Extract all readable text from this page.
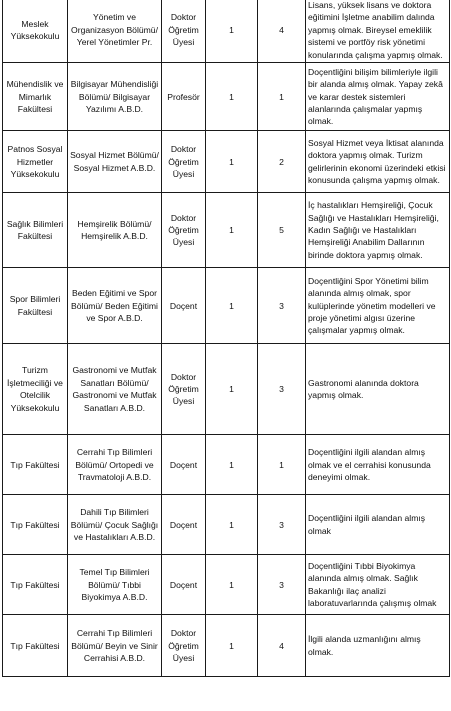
Meslek Yüksekokulu	Yönetim ve Organizasyon Bölümü/ Yerel Yönetimler Pr.	Doktor Öğretim Üyesi	1	4	Lisans, yüksek lisans ve doktora eğitimini İşletme anabilim dalında yapmış olmak. Bireysel emeklilik sistemi ve portföy risk yönetimi konularında çalışma yapmış olmak.
Mühendislik ve Mimarlık Fakültesi	Bilgisayar Mühendisliği Bölümü/ Bilgisayar Yazılımı A.B.D.	Profesör	1	1	Doçentliğini bilişim bilimleriyle ilgili bir alanda almış olmak. Yapay zekâ ve karar destek sistemleri alanlarında çalışmalar yapmış olmak.
Patnos Sosyal Hizmetler Yüksekokulu	Sosyal Hizmet Bölümü/ Sosyal Hizmet A.B.D.	Doktor Öğretim Üyesi	1	2	Sosyal Hizmet veya İktisat alanında doktora yapmış olmak. Turizm gelirlerinin ekonomi üzerindeki etkisi konusunda çalışma yapmış olmak.
Sağlık Bilimleri Fakültesi	Hemşirelik Bölümü/ Hemşirelik A.B.D.	Doktor Öğretim Üyesi	1	5	İç hastalıkları Hemşireliği, Çocuk Sağlığı ve Hastalıkları Hemşireliği, Kadın Sağlığı ve Hastalıkları Hemşireliği Anabilim Dallarının birinde doktora yapmış olmak.
Spor Bilimleri Fakültesi	Beden Eğitimi ve Spor Bölümü/ Beden Eğitimi ve Spor A.B.D.	Doçent	1	3	Doçentliğini Spor Yönetimi bilim alanında almış olmak, spor kulüplerinde yönetim modelleri ve proje yönetimi algısı üzerine çalışmalar yapmış olmak.
Turizm İşletmeciliği ve Otelcilik Yüksekokulu	Gastronomi ve Mutfak Sanatları Bölümü/ Gastronomi ve Mutfak Sanatları A.B.D.	Doktor Öğretim Üyesi	1	3	Gastronomi alanında doktora yapmış olmak.
Tıp Fakültesi	Cerrahi Tıp Bilimleri Bölümü/ Ortopedi ve Travmatoloji A.B.D.	Doçent	1	1	Doçentliğini ilgili alandan almış olmak ve el cerrahisi konusunda deneyimi olmak.
Tıp Fakültesi	Dahili Tıp Bilimleri Bölümü/ Çocuk Sağlığı ve Hastalıkları A.B.D.	Doçent	1	3	Doçentliğini ilgili alandan almış olmak
Tıp Fakültesi	Temel Tıp Bilimleri Bölümü/ Tıbbi Biyokimya A.B.D.	Doçent	1	3	Doçentliğini Tıbbi Biyokimya alanında almış olmak. Sağlık Bakanlığı ilaç analizi laboratuvarlarında çalışmış olmak
Tıp Fakültesi	Cerrahi Tıp Bilimleri Bölümü/ Beyin ve Sinir Cerrahisi A.B.D.	Doktor Öğretim Üyesi	1	4	İlgili alanda uzmanlığını almış olmak.
